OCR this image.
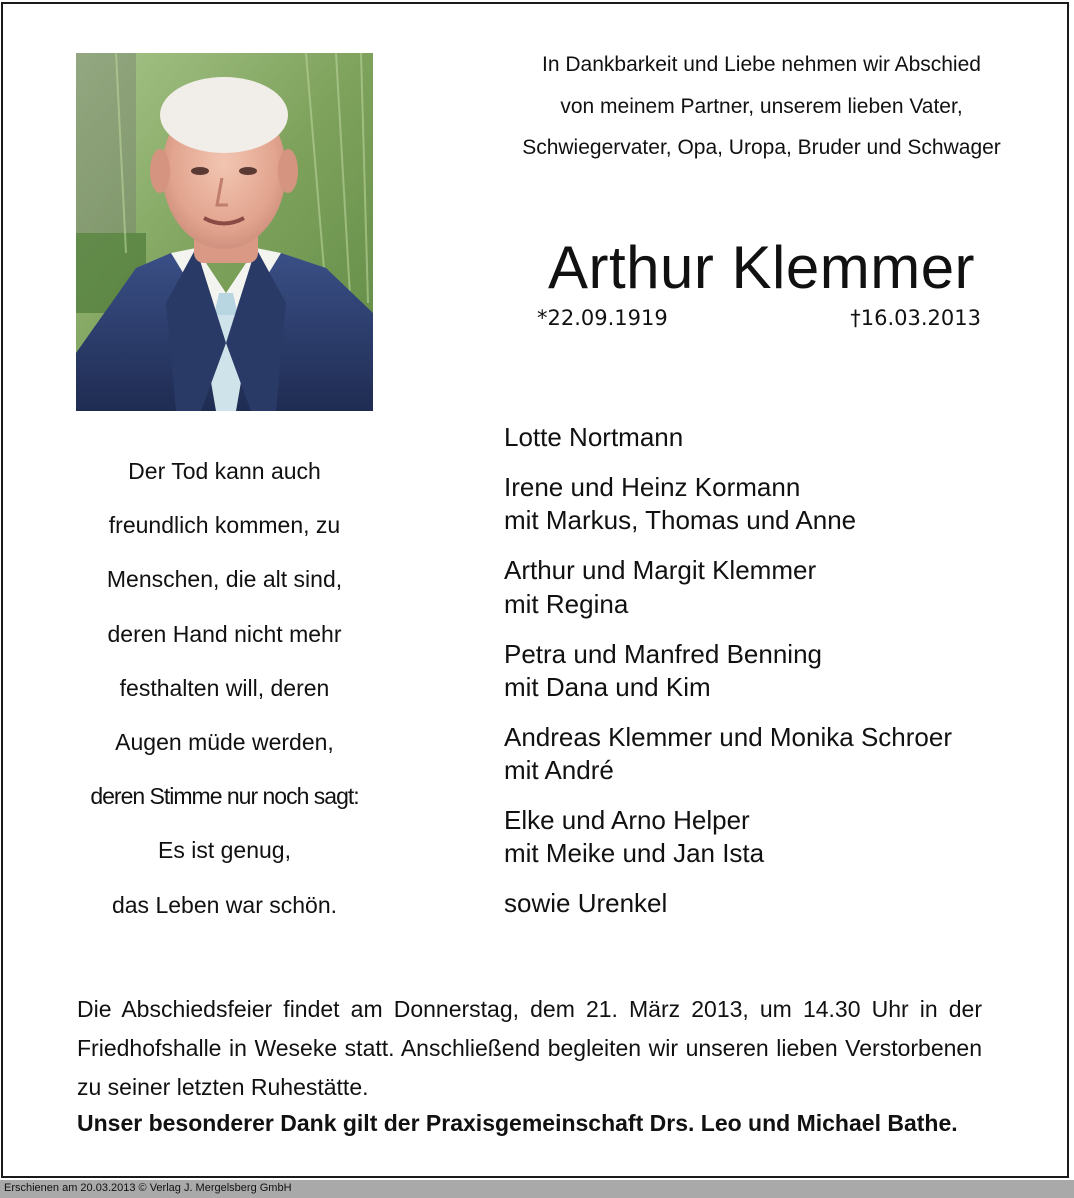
In Dankbarkeit und Liebe nehmen wir Abschied
von meinem Partner, unserem lieben Vater,
Schwiegervater, Opa, Uropa, Bruder und Schwager
Arthur Klemmer
*22.09.1919	†16.03.2013
Der Tod kann auch
freundlich kommen, zu
Menschen, die alt sind,
deren Hand nicht mehr
festhalten will, deren
Augen müde werden,
deren Stimme nur noch sagt:
Es ist genug,
das Leben war schön.
Lotte Nortmann
Irene und Heinz Kormann
mit Markus, Thomas und Anne
Arthur und Margit Klemmer
mit Regina
Petra und Manfred Benning
mit Dana und Kim
Andreas Klemmer und Monika Schroer
mit André
Elke und Arno Helper
mit Meike und Jan Ista
sowie Urenkel
Die Abschiedsfeier findet am Donnerstag, dem 21. März 2013, um 14.30 Uhr in der Friedhofshalle in Weseke statt. Anschließend begleiten wir unseren lieben Verstorbenen zu seiner letzten Ruhestätte.
Unser besonderer Dank gilt der Praxisgemeinschaft Drs. Leo und Michael Bathe.
Erschienen am 20.03.2013 © Verlag J. Mergelsberg GmbH
